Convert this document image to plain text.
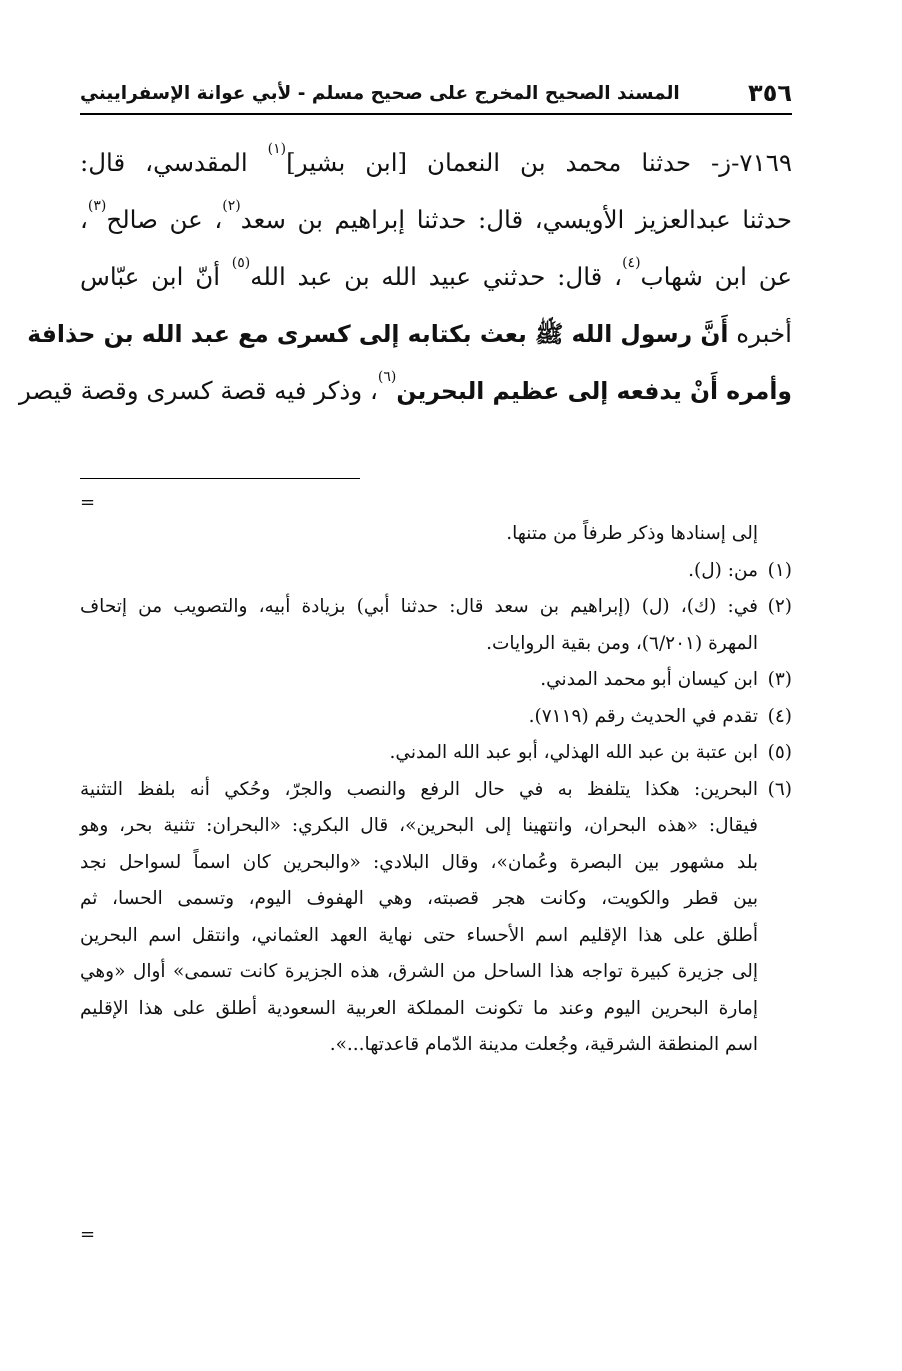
٣٥٦
المسند الصحيح المخرج على صحيح مسلم - لأبي عوانة الإسفراييني
٧١٦٩-ز- حدثنا محمد بن النعمان [ابن بشير]$^{(١)}$ المقدسي، قال:
حدثنا عبدالعزيز الأويسي، قال: حدثنا إبراهيم بن سعد$^{(٢)}$، عن صالح$^{(٣)}$،
عن ابن شهاب$^{(٤)}$، قال: حدثني عبيد الله بن عبد الله$^{(٥)}$ أنّ ابن عبّاس
أخبره أَنَّ رسول الله ﷺ بعث بكتابه إلى كسرى مع عبد الله بن حذافة
وأمره أَنْ يدفعه إلى عظيم البحرين$^{(٦)}$، وذكر فيه قصة كسرى وقصة قيصر
=
إلى إسنادها وذكر طرفاً من متنها.
(١)من: (ل).
(٢)في: (ك)، (ل) (إبراهيم بن سعد قال: حدثنا أبي) بزيادة أبيه، والتصويب من إتحاف
المهرة (٦/٢٠١)، ومن بقية الروايات.
(٣)ابن كيسان أبو محمد المدني.
(٤)تقدم في الحديث رقم (٧١١٩).
(٥)ابن عتبة بن عبد الله الهذلي، أبو عبد الله المدني.
(٦)البحرين: هكذا يتلفظ به في حال الرفع والنصب والجرّ، وحُكي أنه بلفظ التثنية
فيقال: «هذه البحران، وانتهينا إلى البحرين»، قال البكري: «البحران: تثنية بحر، وهو
بلد مشهور بين البصرة وعُمان»، وقال البلادي: «والبحرين كان اسماً لسواحل نجد
بين قطر والكويت، وكانت هجر قصبته، وهي الهفوف اليوم، وتسمى الحسا، ثم
أطلق على هذا الإقليم اسم الأحساء حتى نهاية العهد العثماني، وانتقل اسم البحرين
إلى جزيرة كبيرة تواجه هذا الساحل من الشرق، هذه الجزيرة كانت تسمى» أوال «وهي
إمارة البحرين اليوم وعند ما تكونت المملكة العربية السعودية أطلق على هذا الإقليم
اسم المنطقة الشرقية، وجُعلت مدينة الدّمام قاعدتها...».
=
